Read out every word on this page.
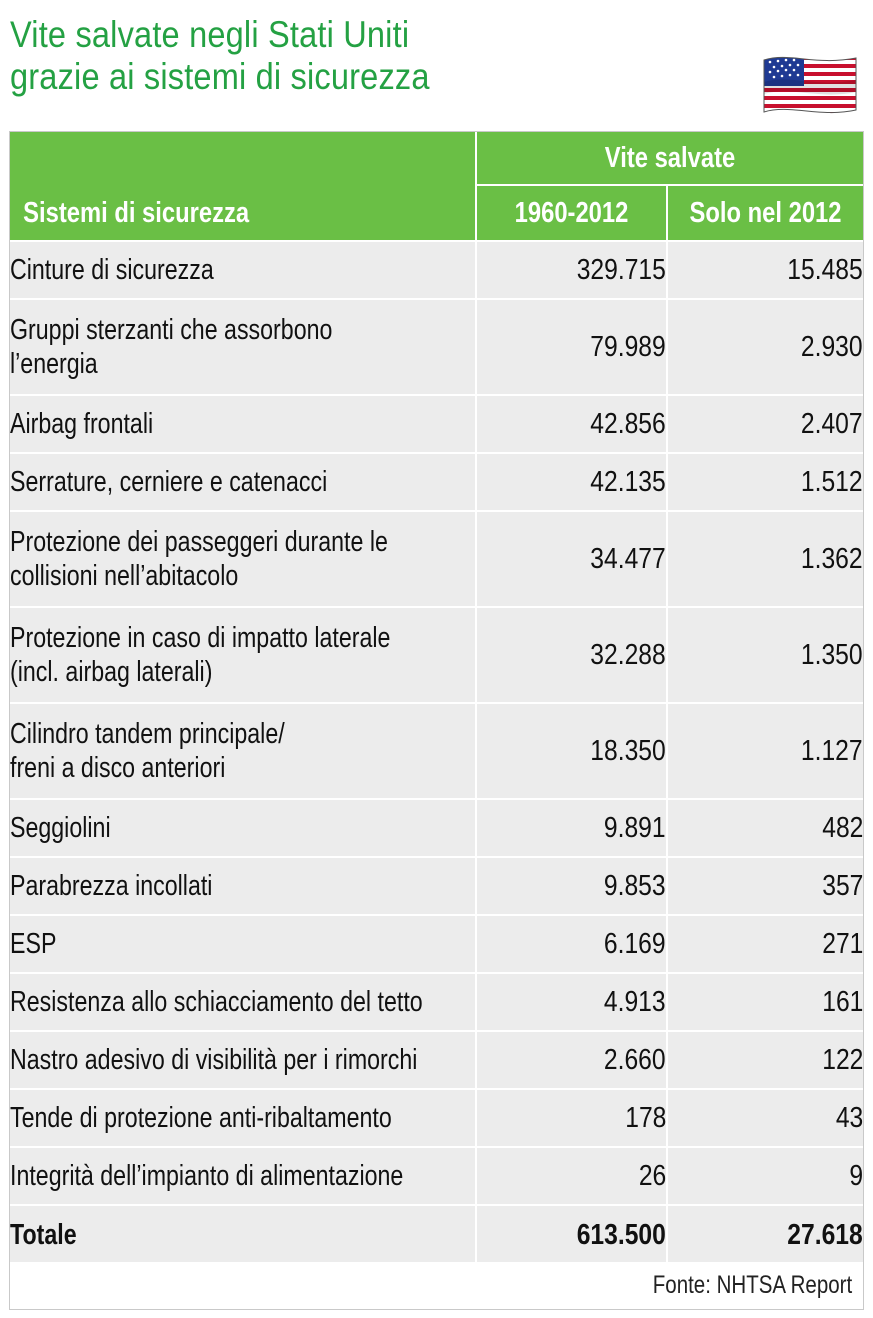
Vite salvate negli Stati Uniti
grazie ai sistemi di sicurezza
Sistemi di sicurezza	Vite salvate	

	1960-2012	Solo nel 2012

Cinture di sicurezza	329.715	15.485

Gruppi sterzanti che assorbono
l’energia	79.989	2.930

Airbag frontali	42.856	2.407

Serrature, cerniere e catenacci	42.135	1.512

Protezione dei passeggeri durante le
collisioni nell’abitacolo	34.477	1.362

Protezione in caso di impatto laterale
(incl. airbag laterali)	32.288	1.350

Cilindro tandem principale/
freni a disco anteriori	18.350	1.127

Seggiolini	9.891	482

Parabrezza incollati	9.853	357

ESP	6.169	271

Resistenza allo schiacciamento del tetto	4.913	161

Nastro adesivo di visibilità per i rimorchi	2.660	122

Tende di protezione anti-ribaltamento	178	43

Integrità dell’impianto di alimentazione	26	9

Totale	613.500	27.618
Fonte: NHTSA Report
